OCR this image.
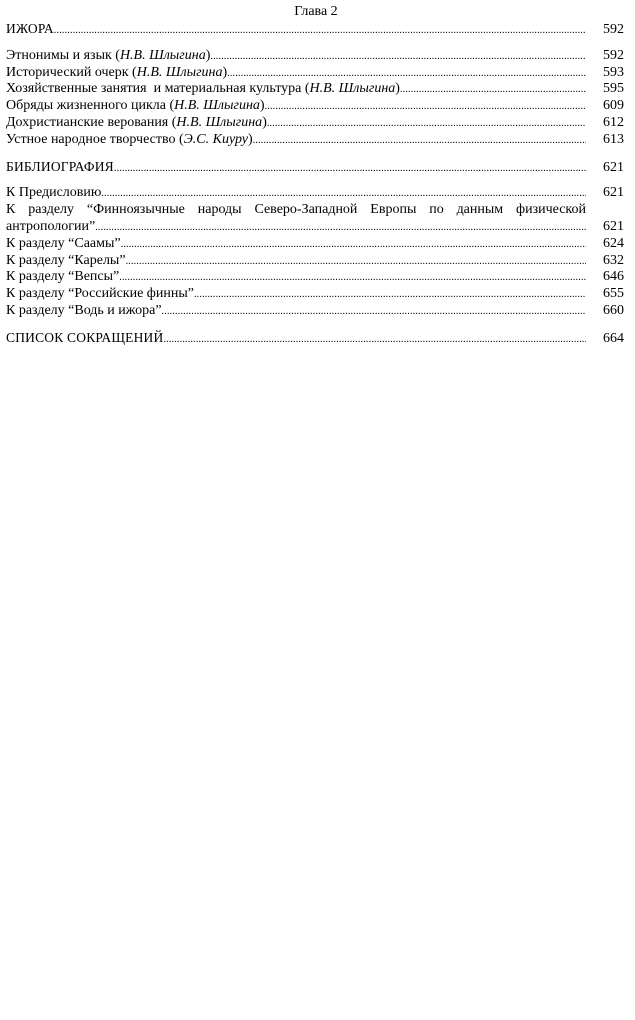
Глава 2
ИЖОРА .....	592
Этнонимы и язык (Н.В. Шлыгина) .....	592
Исторический очерк (Н.В. Шлыгина) .....	593
Хозяйственные занятия  и материальная культура (Н.В. Шлыгина) .....	595
Обряды жизненного цикла (Н.В. Шлыгина) .....	609
Дохристианские верования (Н.В. Шлыгина) .....	612
Устное народное творчество (Э.С. Киуру) .....	613
БИБЛИОГРАФИЯ .....	621
К Предисловию .....	621
К разделу “Финноязычные народы Северо-Западной Европы по данным физической
антропологии” .....	621
К разделу “Саамы” .....	624
К разделу “Карелы” .....	632
К разделу “Вепсы” .....	646
К разделу “Российские финны” .....	655
К разделу “Водь и ижора” .....	660
СПИСОК СОКРАЩЕНИЙ .....	664
